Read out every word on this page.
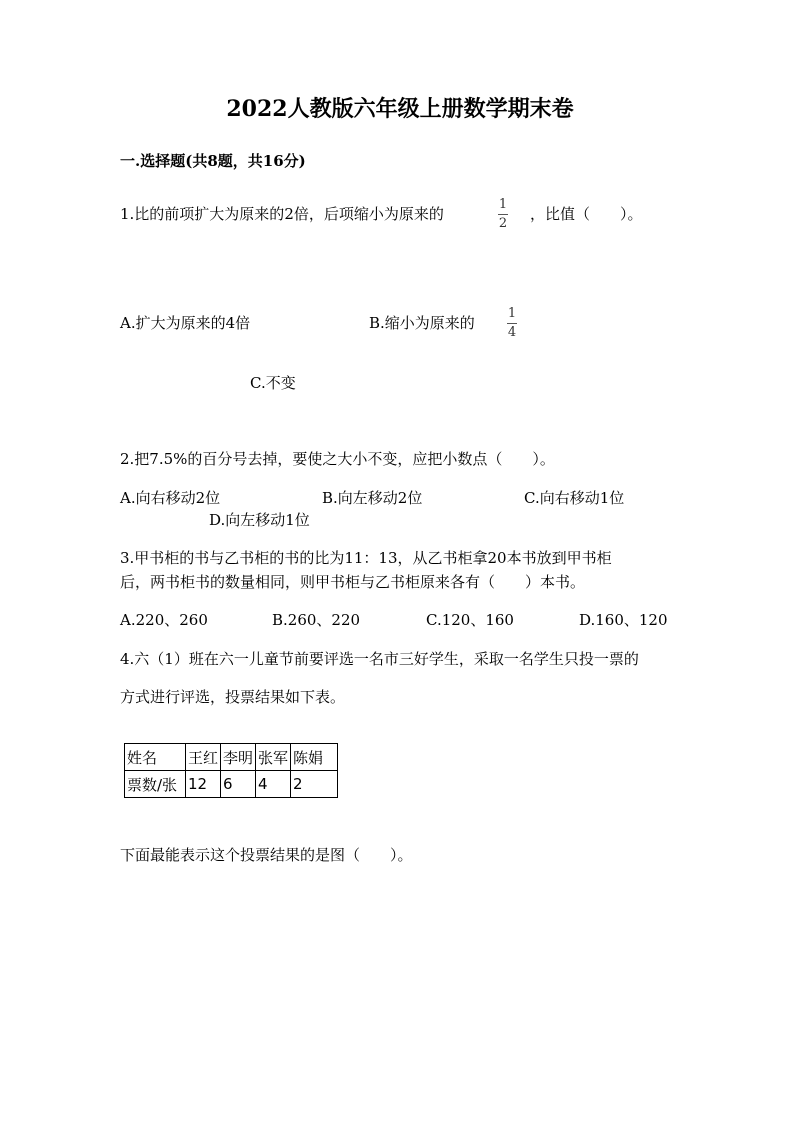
2022人教版六年级上册数学期末卷
一.选择题(共8题，共16分)
1.比的前项扩大为原来的2倍，后项缩小为原来的
1
2
，比值（　　）。
A.扩大为原来的4倍	B.缩小为原来的
1
4
C.不变
2.把7.5%的百分号去掉，要使之大小不变，应把小数点（　　）。
A.向右移动2位	B.向左移动2位	C.向右移动1位
D.向左移动1位
3.甲书柜的书与乙书柜的书的比为11：13，从乙书柜拿20本书放到甲书柜
后，两书柜书的数量相同，则甲书柜与乙书柜原来各有（　　）本书。
A.220、260	B.260、220	C.120、160	D.160、120
4.六（1）班在六一儿童节前要评选一名市三好学生，采取一名学生只投一票的
方式进行评选，投票结果如下表。
姓名	王红	李明	张军	陈娟
票数/张	12	6	4	2
下面最能表示这个投票结果的是图（　　）。
